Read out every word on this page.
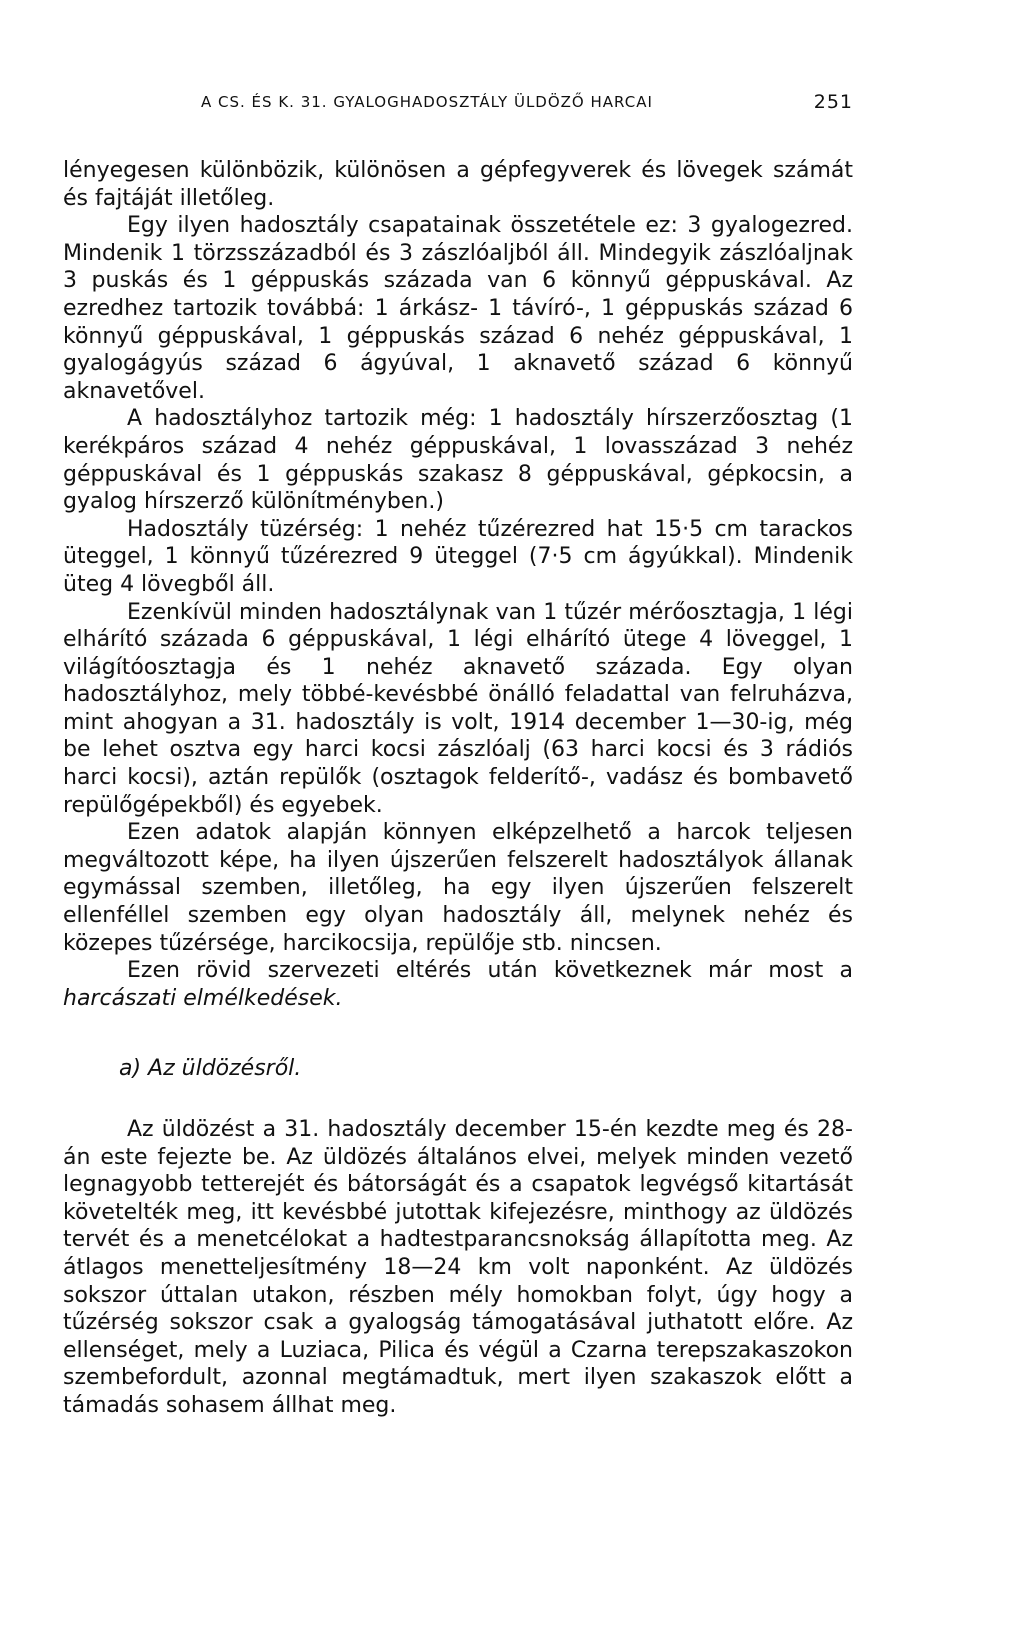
A CS. ÉS K. 31. GYALOGHADOSZTÁLY ÜLDÖZŐ HARCAI	251

lényegesen különbözik, különösen a gépfegyverek és lövegek számát és fajtáját illetőleg.

Egy ilyen hadosztály csapatainak összetétele ez: 3 gyalogezred. Mindenik 1 törzsszázadból és 3 zászlóaljból áll. Mindegyik zászlóaljnak 3 puskás és 1 géppuskás százada van 6 könnyű géppuskával. Az ezredhez tartozik továbbá: 1 árkász- 1 távíró-, 1 géppuskás század 6 könnyű géppuskával, 1 géppuskás század 6 nehéz géppuskával, 1 gyalogágyús század 6 ágyúval, 1 aknavető század 6 könnyű aknavetővel.

A hadosztályhoz tartozik még: 1 hadosztály hírszerzőosztag (1 kerékpáros század 4 nehéz géppuskával, 1 lovasszázad 3 nehéz géppuskával és 1 géppuskás szakasz 8 géppuskával, gépkocsin, a gyalog hírszerző különítményben.)

Hadosztály tüzérség: 1 nehéz tűzérezred hat 15·5 cm tarackos üteggel, 1 könnyű tűzérezred 9 üteggel (7·5 cm ágyúkkal). Mindenik üteg 4 lövegből áll.

Ezenkívül minden hadosztálynak van 1 tűzér mérőosztagja, 1 légi elhárító százada 6 géppuskával, 1 légi elhárító ütege 4 löveggel, 1 világítóosztagja és 1 nehéz aknavető százada. Egy olyan hadosztályhoz, mely többé-kevésbbé önálló feladattal van felruházva, mint ahogyan a 31. hadosztály is volt, 1914 december 1—30-ig, még be lehet osztva egy harci kocsi zászlóalj (63 harci kocsi és 3 rádiós harci kocsi), aztán repülők (osztagok felderítő-, vadász és bombavető repülőgépekből) és egyebek.

Ezen adatok alapján könnyen elképzelhető a harcok teljesen megváltozott képe, ha ilyen újszerűen felszerelt hadosztályok állanak egymással szemben, illetőleg, ha egy ilyen újszerűen felszerelt ellenféllel szemben egy olyan hadosztály áll, melynek nehéz és közepes tűzérsége, harcikocsija, repülője stb. nincsen.

Ezen rövid szervezeti eltérés után következnek már most a harcászati elmélkedések.

a) Az üldözésről.

Az üldözést a 31. hadosztály december 15-én kezdte meg és 28-án este fejezte be. Az üldözés általános elvei, melyek minden vezető legnagyobb tetterejét és bátorságát és a csapatok legvégső kitartását követelték meg, itt kevésbbé jutottak kifejezésre, minthogy az üldözés tervét és a menetcélokat a hadtestparancsnokság állapította meg. Az átlagos menetteljesítmény 18—24 km volt naponként. Az üldözés sokszor úttalan utakon, részben mély homokban folyt, úgy hogy a tűzérség sokszor csak a gyalogság támogatásával juthatott előre. Az ellenséget, mely a Luziaca, Pilica és végül a Czarna terepszakaszokon szembefordult, azonnal megtámadtuk, mert ilyen szakaszok előtt a támadás sohasem állhat meg.
